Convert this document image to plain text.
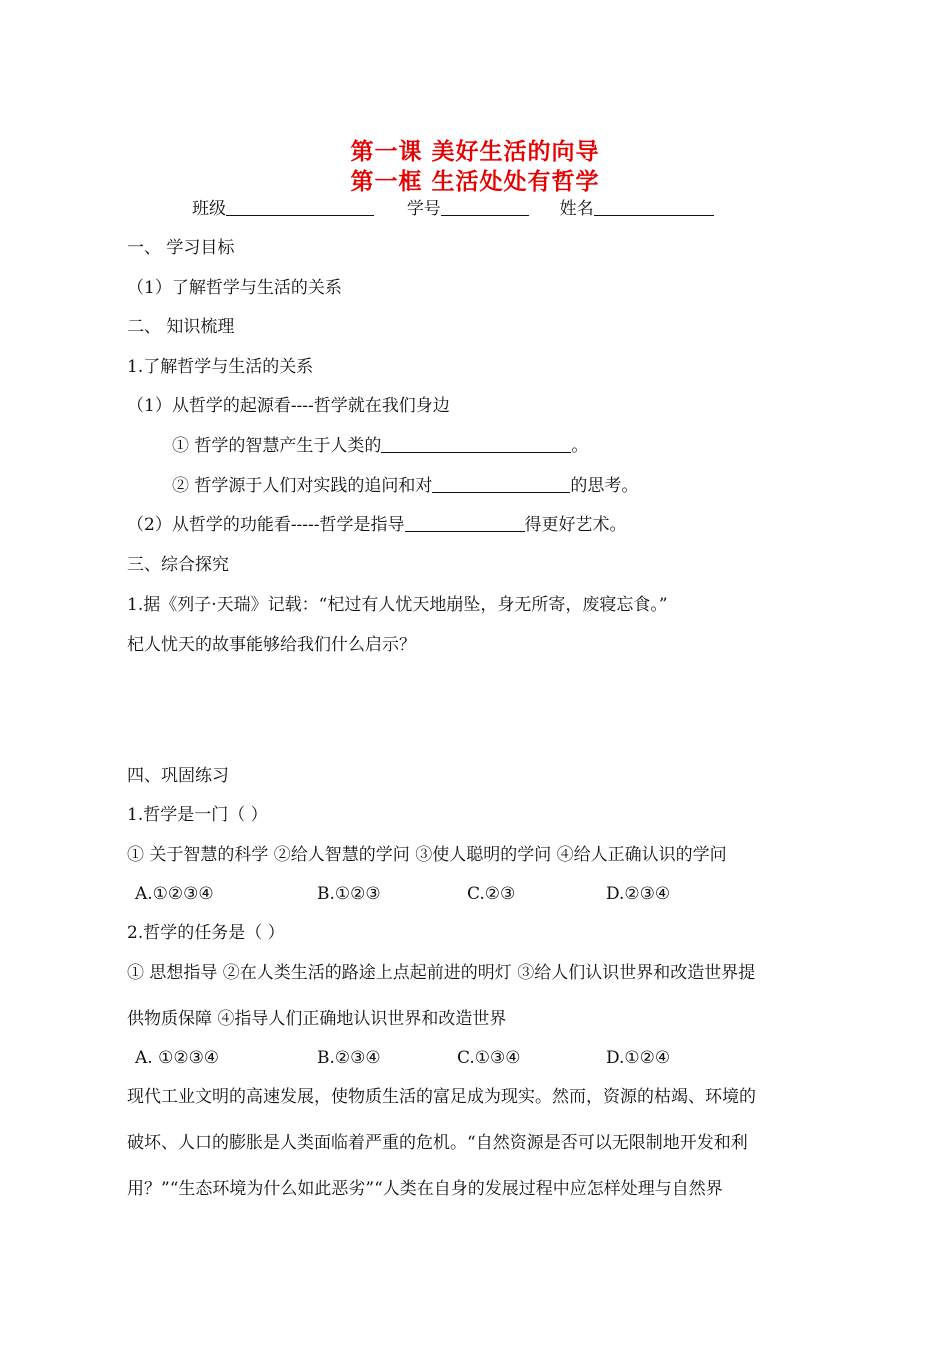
第一课 美好生活的向导
第一框 生活处处有哲学
班级	学号	姓名
一、 学习目标
（1）了解哲学与生活的关系
二、 知识梳理
1.了解哲学与生活的关系
（1）从哲学的起源看----哲学就在我们身边
① 哲学的智慧产生于人类的	。
② 哲学源于人们对实践的追问和对	的思考。
（2）从哲学的功能看-----哲学是指导	得更好艺术。
三、综合探究
1.据《列子·天瑞》记载：“杞过有人忧天地崩坠，身无所寄，废寝忘食。”
杞人忧天的故事能够给我们什么启示？
四、巩固练习
1.哲学是一门（ ）
① 关于智慧的科学 ②给人智慧的学问 ③使人聪明的学问 ④给人正确认识的学问
A.①②③④	B.①②③	C.②③	D.②③④
2.哲学的任务是（ ）
① 思想指导 ②在人类生活的路途上点起前进的明灯 ③给人们认识世界和改造世界提
供物质保障 ④指导人们正确地认识世界和改造世界
A. ①②③④	B.②③④	C.①③④	D.①②④
现代工业文明的高速发展，使物质生活的富足成为现实。然而，资源的枯竭、环境的
破坏、人口的膨胀是人类面临着严重的危机。“自然资源是否可以无限制地开发和利
用？”“生态环境为什么如此恶劣”“人类在自身的发展过程中应怎样处理与自然界
